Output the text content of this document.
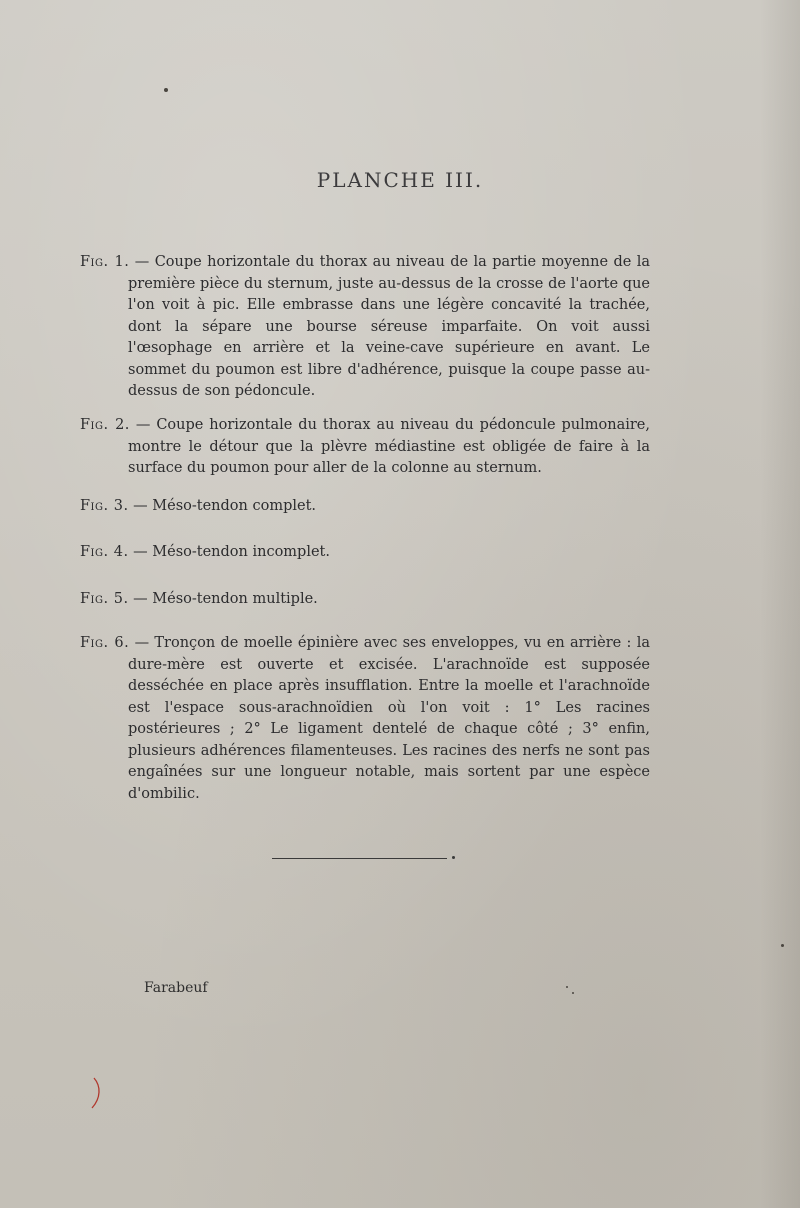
PLANCHE III.
Fig. 1. — Coupe horizontale du thorax au niveau de la partie moyenne de la première pièce du sternum, juste au-dessus de la crosse de l'aorte que l'on voit à pic. Elle embrasse dans une légère concavité la trachée, dont la sépare une bourse séreuse imparfaite. On voit aussi l'œsophage en arrière et la veine-cave supérieure en avant. Le sommet du poumon est libre d'adhérence, puisque la coupe passe au-dessus de son pédoncule.
Fig. 2. — Coupe horizontale du thorax au niveau du pédoncule pulmonaire, montre le détour que la plèvre médiastine est obligée de faire à la surface du poumon pour aller de la colonne au sternum.
Fig. 3. — Méso-tendon complet.
Fig. 4. — Méso-tendon incomplet.
Fig. 5. — Méso-tendon multiple.
Fig. 6. — Tronçon de moelle épinière avec ses enveloppes, vu en arrière : la dure-mère est ouverte et excisée. L'arachnoïde est supposée desséchée en place après insufflation. Entre la moelle et l'arachnoïde est l'espace sous-arachnoïdien où l'on voit : 1° Les racines postérieures ; 2° Le ligament dentelé de chaque côté ; 3° enfin, plusieurs adhérences filamenteuses. Les racines des nerfs ne sont pas engaînées sur une longueur notable, mais sortent par une espèce d'ombilic.
Farabeuf
